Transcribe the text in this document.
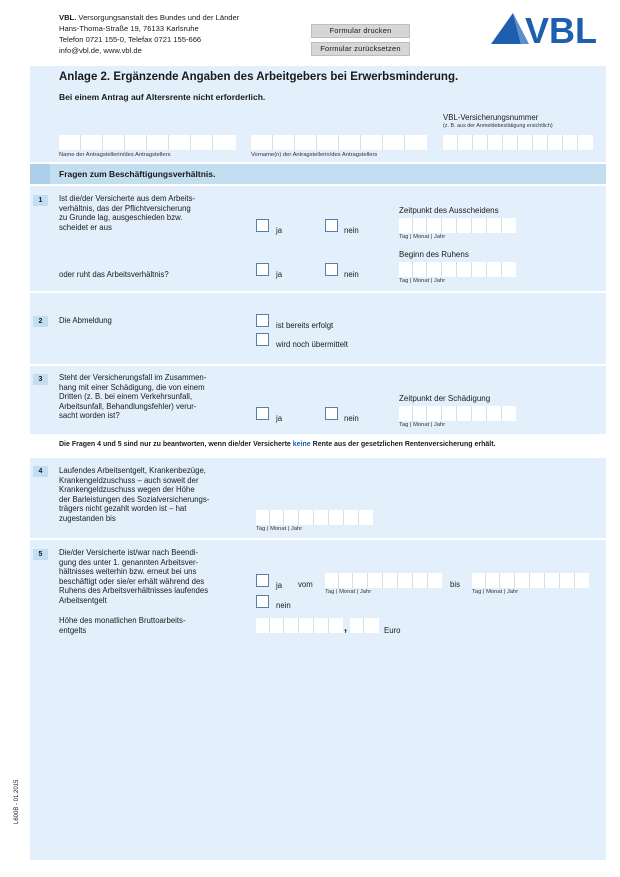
VBL. Versorgungsanstalt des Bundes und der Länder
Hans-Thoma-Straße 19, 76133 Karlsruhe
Telefon 0721 155-0, Telefax 0721 155-666
info@vbl.de, www.vbl.de
Formular drucken
Formular zurücksetzen	VBL
Anlage 2. Ergänzende Angaben des Arbeitgebers bei Erwerbsminderung.
Bei einem Antrag auf Altersrente nicht erforderlich.
VBL-Versicherungsnummer
(z. B. aus der Anmeldebestätigung ersichtlich)
Name der Antragstellerin/des Antragstellers	Vorname(n) der Antragstellerin/des Antragstellers
Fragen zum Beschäftigungsverhältnis.
1	Ist die/der Versicherte aus dem Arbeits-
verhältnis, das der Pflichtversicherung
zu Grunde lag, ausgeschieden bzw.
scheidet er aus	ja	nein
Zeitpunkt des Ausscheidens
Tag | Monat | Jahr
oder ruht das Arbeitsverhältnis?	ja	nein
Beginn des Ruhens
Tag | Monat | Jahr
2	Die Abmeldung
ist bereits erfolgt
wird noch übermittelt
3	Steht der Versicherungsfall im Zusammen-
hang mit einer Schädigung, die von einem
Dritten (z. B. bei einem Verkehrsunfall,
Arbeitsunfall, Behandlungsfehler) verur-
sacht worden ist?	ja	nein
Zeitpunkt der Schädigung
Tag | Monat | Jahr
Die Fragen 4 und 5 sind nur zu beantworten, wenn die/der Versicherte keine Rente aus der gesetzlichen Rentenversicherung erhält.
4	Laufendes Arbeitsentgelt, Krankenbezüge,
Krankengeldzuschuss – auch soweit der
Krankengeldzuschuss wegen der Höhe
der Barleistungen des Sozialversicherungs-
trägers nicht gezahlt worden ist – hat
zugestanden bis
Tag | Monat | Jahr
5	Die/der Versicherte ist/war nach Beendi-
gung des unter 1. genannten Arbeitsver-
hältnisses weiterhin bzw. erneut bei uns
beschäftigt oder sie/er erhält während des
Ruhens des Arbeitsverhältnisses laufendes
Arbeitsentgelt
ja
nein
vom
Tag | Monat | Jahr
bis
Tag | Monat | Jahr
Höhe des monatlichen Bruttoarbeits-
entgelts	,	Euro
L600B - 01.2015
